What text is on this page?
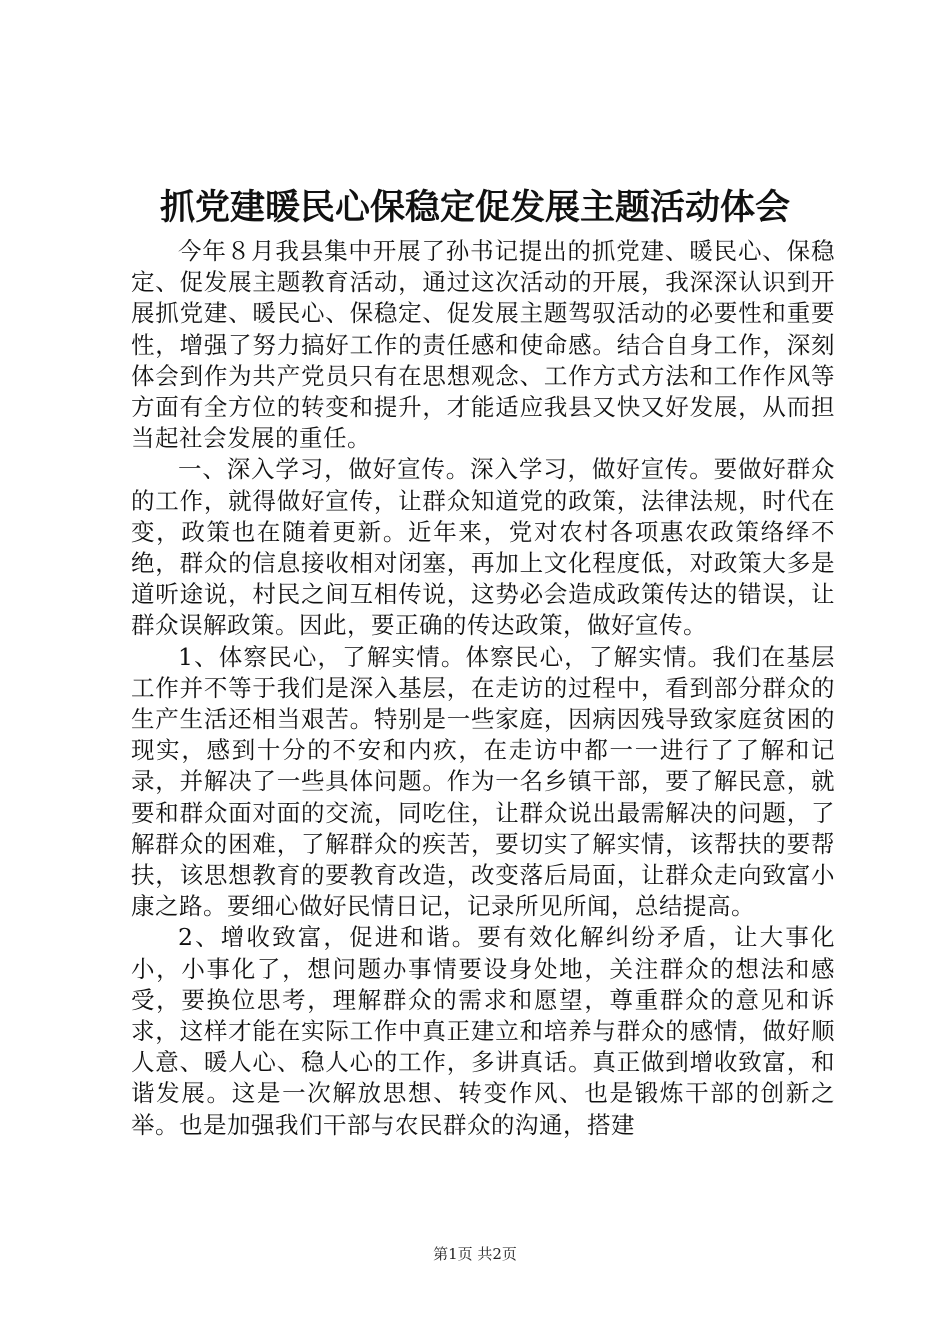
抓党建暖民心保稳定促发展主题活动体会

今年８月我县集中开展了孙书记提出的抓党建、暖民心、保稳定、促发展主题教育活动，通过这次活动的开展，我深深认识到开展抓党建、暖民心、保稳定、促发展主题驾驭活动的必要性和重要性，增强了努力搞好工作的责任感和使命感。结合自身工作，深刻体会到作为共产党员只有在思想观念、工作方式方法和工作作风等方面有全方位的转变和提升，才能适应我县又快又好发展，从而担当起社会发展的重任。

一、深入学习，做好宣传。深入学习，做好宣传。要做好群众的工作，就得做好宣传，让群众知道党的政策，法律法规，时代在变，政策也在随着更新。近年来，党对农村各项惠农政策络绎不绝，群众的信息接收相对闭塞，再加上文化程度低，对政策大多是道听途说，村民之间互相传说，这势必会造成政策传达的错误，让群众误解政策。因此，要正确的传达政策，做好宣传。

1、体察民心，了解实情。体察民心，了解实情。我们在基层工作并不等于我们是深入基层，在走访的过程中，看到部分群众的生产生活还相当艰苦。特别是一些家庭，因病因残导致家庭贫困的现实，感到十分的不安和内疚，在走访中都一一进行了了解和记录，并解决了一些具体问题。作为一名乡镇干部，要了解民意，就要和群众面对面的交流，同吃住，让群众说出最需解决的问题，了解群众的困难，了解群众的疾苦，要切实了解实情，该帮扶的要帮扶，该思想教育的要教育改造，改变落后局面，让群众走向致富小康之路。要细心做好民情日记，记录所见所闻，总结提高。

2、增收致富，促进和谐。要有效化解纠纷矛盾，让大事化小，小事化了，想问题办事情要设身处地，关注群众的想法和感受，要换位思考，理解群众的需求和愿望，尊重群众的意见和诉求，这样才能在实际工作中真正建立和培养与群众的感情，做好顺人意、暖人心、稳人心的工作，多讲真话。真正做到增收致富，和谐发展。这是一次解放思想、转变作风、也是锻炼干部的创新之举。也是加强我们干部与农民群众的沟通，搭建

第1页 共2页
